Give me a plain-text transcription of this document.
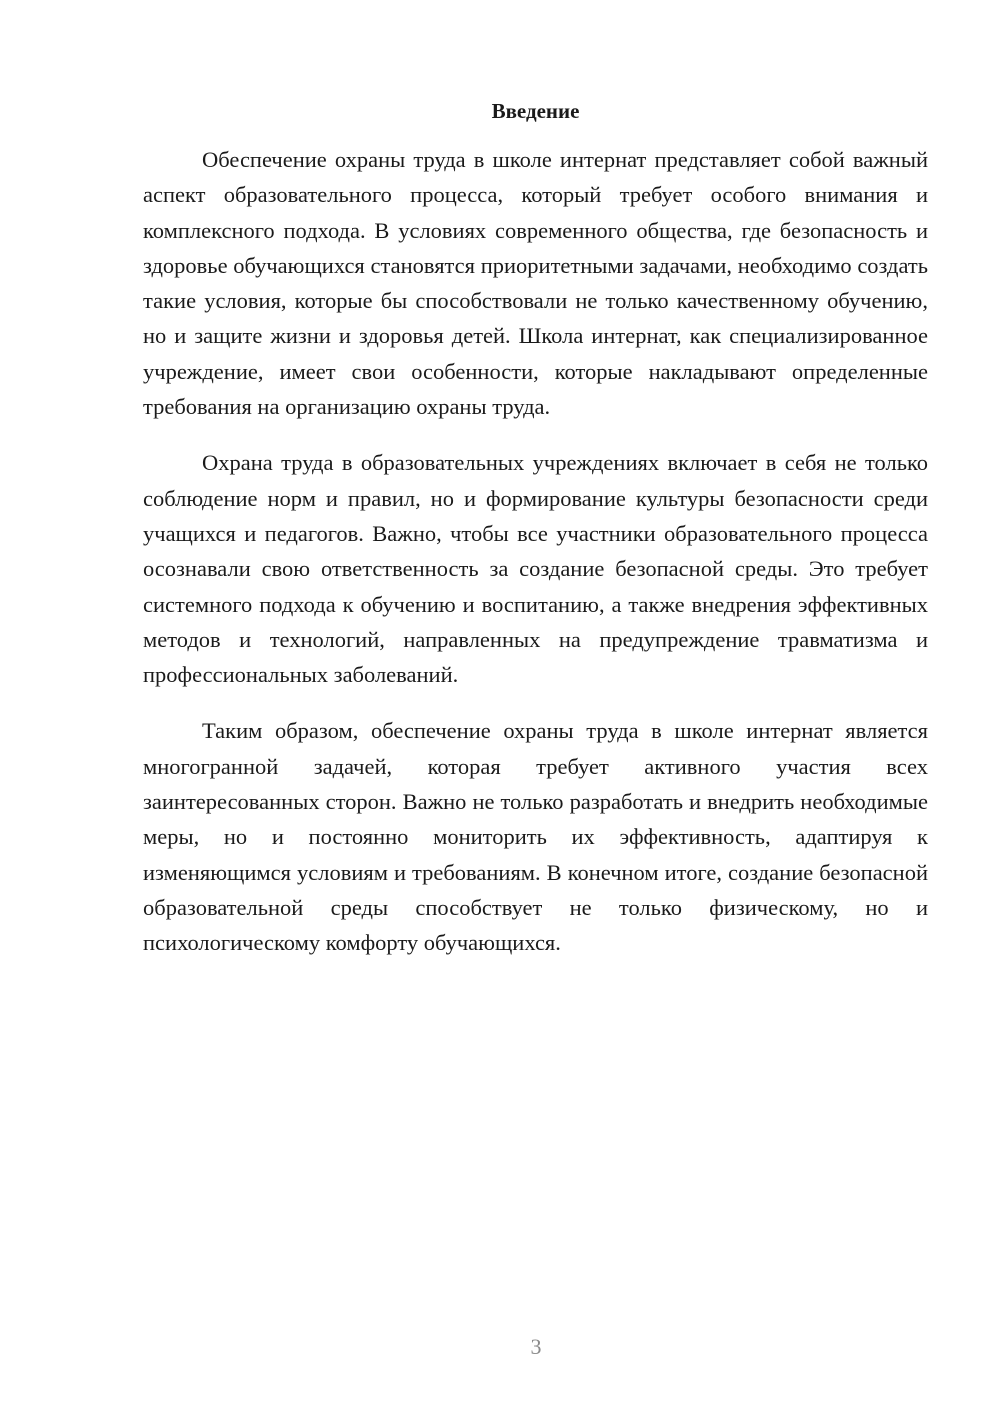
Введение

Обеспечение охраны труда в школе интернат представляет собой важный аспект образовательного процесса, который требует особого внимания и комплексного подхода. В условиях современного общества, где безопасность и здоровье обучающихся становятся приоритетными задачами, необходимо создать такие условия, которые бы способствовали не только качественному обучению, но и защите жизни и здоровья детей. Школа интернат, как специализированное учреждение, имеет свои особенности, которые накладывают определенные требования на организацию охраны труда.

Охрана труда в образовательных учреждениях включает в себя не только соблюдение норм и правил, но и формирование культуры безопасности среди учащихся и педагогов. Важно, чтобы все участники образовательного процесса осознавали свою ответственность за создание безопасной среды. Это требует системного подхода к обучению и воспитанию, а также внедрения эффективных методов и технологий, направленных на предупреждение травматизма и профессиональных заболеваний.

Таким образом, обеспечение охраны труда в школе интернат является многогранной задачей, которая требует активного участия всех заинтересованных сторон. Важно не только разработать и внедрить необходимые меры, но и постоянно мониторить их эффективность, адаптируя к изменяющимся условиям и требованиям. В конечном итоге, создание безопасной образовательной среды способствует не только физическому, но и психологическому комфорту обучающихся.

3
